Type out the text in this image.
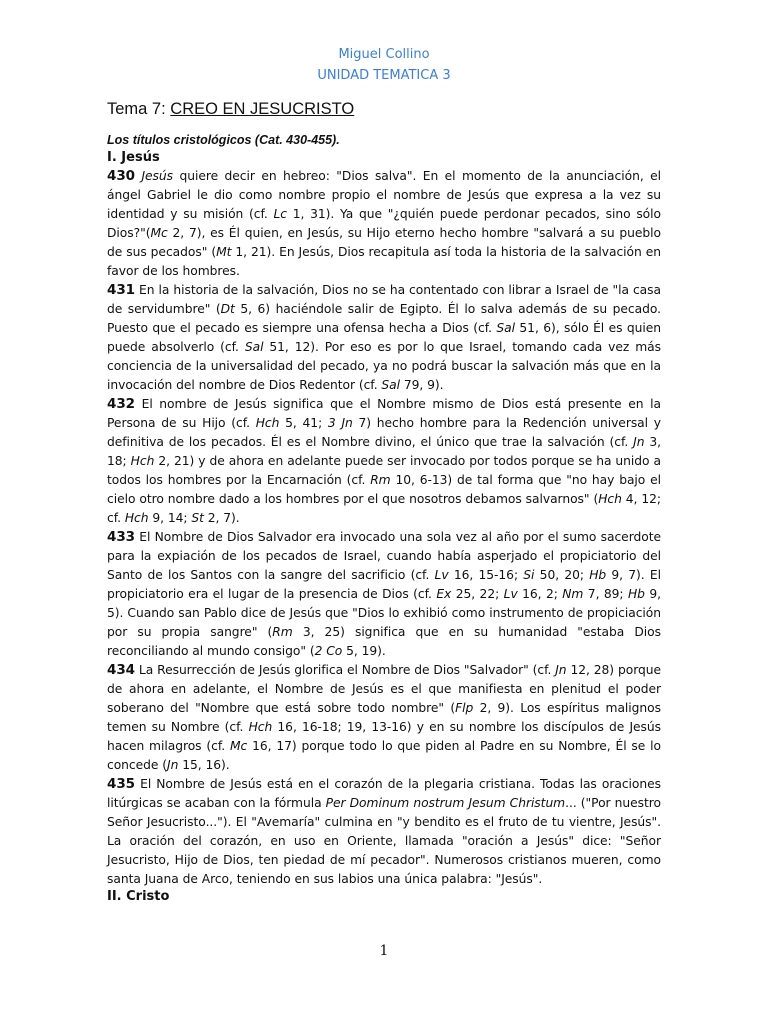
Miguel Collino
UNIDAD TEMATICA 3
Tema 7: CREO EN JESUCRISTO
Los títulos cristológicos (Cat. 430-455).
I. Jesús

430 Jesús quiere decir en hebreo: "Dios salva". En el momento de la anunciación, el ángel Gabriel le dio como nombre propio el nombre de Jesús que expresa a la vez su identidad y su misión (cf. Lc 1, 31). Ya que "¿quién puede perdonar pecados, sino sólo Dios?"(Mc 2, 7), es Él quien, en Jesús, su Hijo eterno hecho hombre "salvará a su pueblo de sus pecados" (Mt 1, 21). En Jesús, Dios recapitula así toda la historia de la salvación en favor de los hombres.

431 En la historia de la salvación, Dios no se ha contentado con librar a Israel de "la casa de servidumbre" (Dt 5, 6) haciéndole salir de Egipto. Él lo salva además de su pecado. Puesto que el pecado es siempre una ofensa hecha a Dios (cf. Sal 51, 6), sólo Él es quien puede absolverlo (cf. Sal 51, 12). Por eso es por lo que Israel, tomando cada vez más conciencia de la universalidad del pecado, ya no podrá buscar la salvación más que en la invocación del nombre de Dios Redentor (cf. Sal 79, 9).

432 El nombre de Jesús significa que el Nombre mismo de Dios está presente en la Persona de su Hijo (cf. Hch 5, 41; 3 Jn 7) hecho hombre para la Redención universal y definitiva de los pecados. Él es el Nombre divino, el único que trae la salvación (cf. Jn 3, 18; Hch 2, 21) y de ahora en adelante puede ser invocado por todos porque se ha unido a todos los hombres por la Encarnación (cf. Rm 10, 6-13) de tal forma que "no hay bajo el cielo otro nombre dado a los hombres por el que nosotros debamos salvarnos" (Hch 4, 12; cf. Hch 9, 14; St 2, 7).

433 El Nombre de Dios Salvador era invocado una sola vez al año por el sumo sacerdote para la expiación de los pecados de Israel, cuando había asperjado el propiciatorio del Santo de los Santos con la sangre del sacrificio (cf. Lv 16, 15-16; Si 50, 20; Hb 9, 7). El propiciatorio era el lugar de la presencia de Dios (cf. Ex 25, 22; Lv 16, 2; Nm 7, 89; Hb 9, 5). Cuando san Pablo dice de Jesús que "Dios lo exhibió como instrumento de propiciación por su propia sangre" (Rm 3, 25) significa que en su humanidad "estaba Dios reconciliando al mundo consigo" (2 Co 5, 19).

434 La Resurrección de Jesús glorifica el Nombre de Dios "Salvador" (cf. Jn 12, 28) porque de ahora en adelante, el Nombre de Jesús es el que manifiesta en plenitud el poder soberano del "Nombre que está sobre todo nombre" (Flp 2, 9). Los espíritus malignos temen su Nombre (cf. Hch 16, 16-18; 19, 13-16) y en su nombre los discípulos de Jesús hacen milagros (cf. Mc 16, 17) porque todo lo que piden al Padre en su Nombre, Él se lo concede (Jn 15, 16).

435 El Nombre de Jesús está en el corazón de la plegaria cristiana. Todas las oraciones litúrgicas se acaban con la fórmula Per Dominum nostrum Jesum Christum... ("Por nuestro Señor Jesucristo..."). El "Avemaría" culmina en "y bendito es el fruto de tu vientre, Jesús". La oración del corazón, en uso en Oriente, llamada "oración a Jesús" dice: "Señor Jesucristo, Hijo de Dios, ten piedad de mí pecador". Numerosos cristianos mueren, como santa Juana de Arco, teniendo en sus labios una única palabra: "Jesús".

II. Cristo
1
